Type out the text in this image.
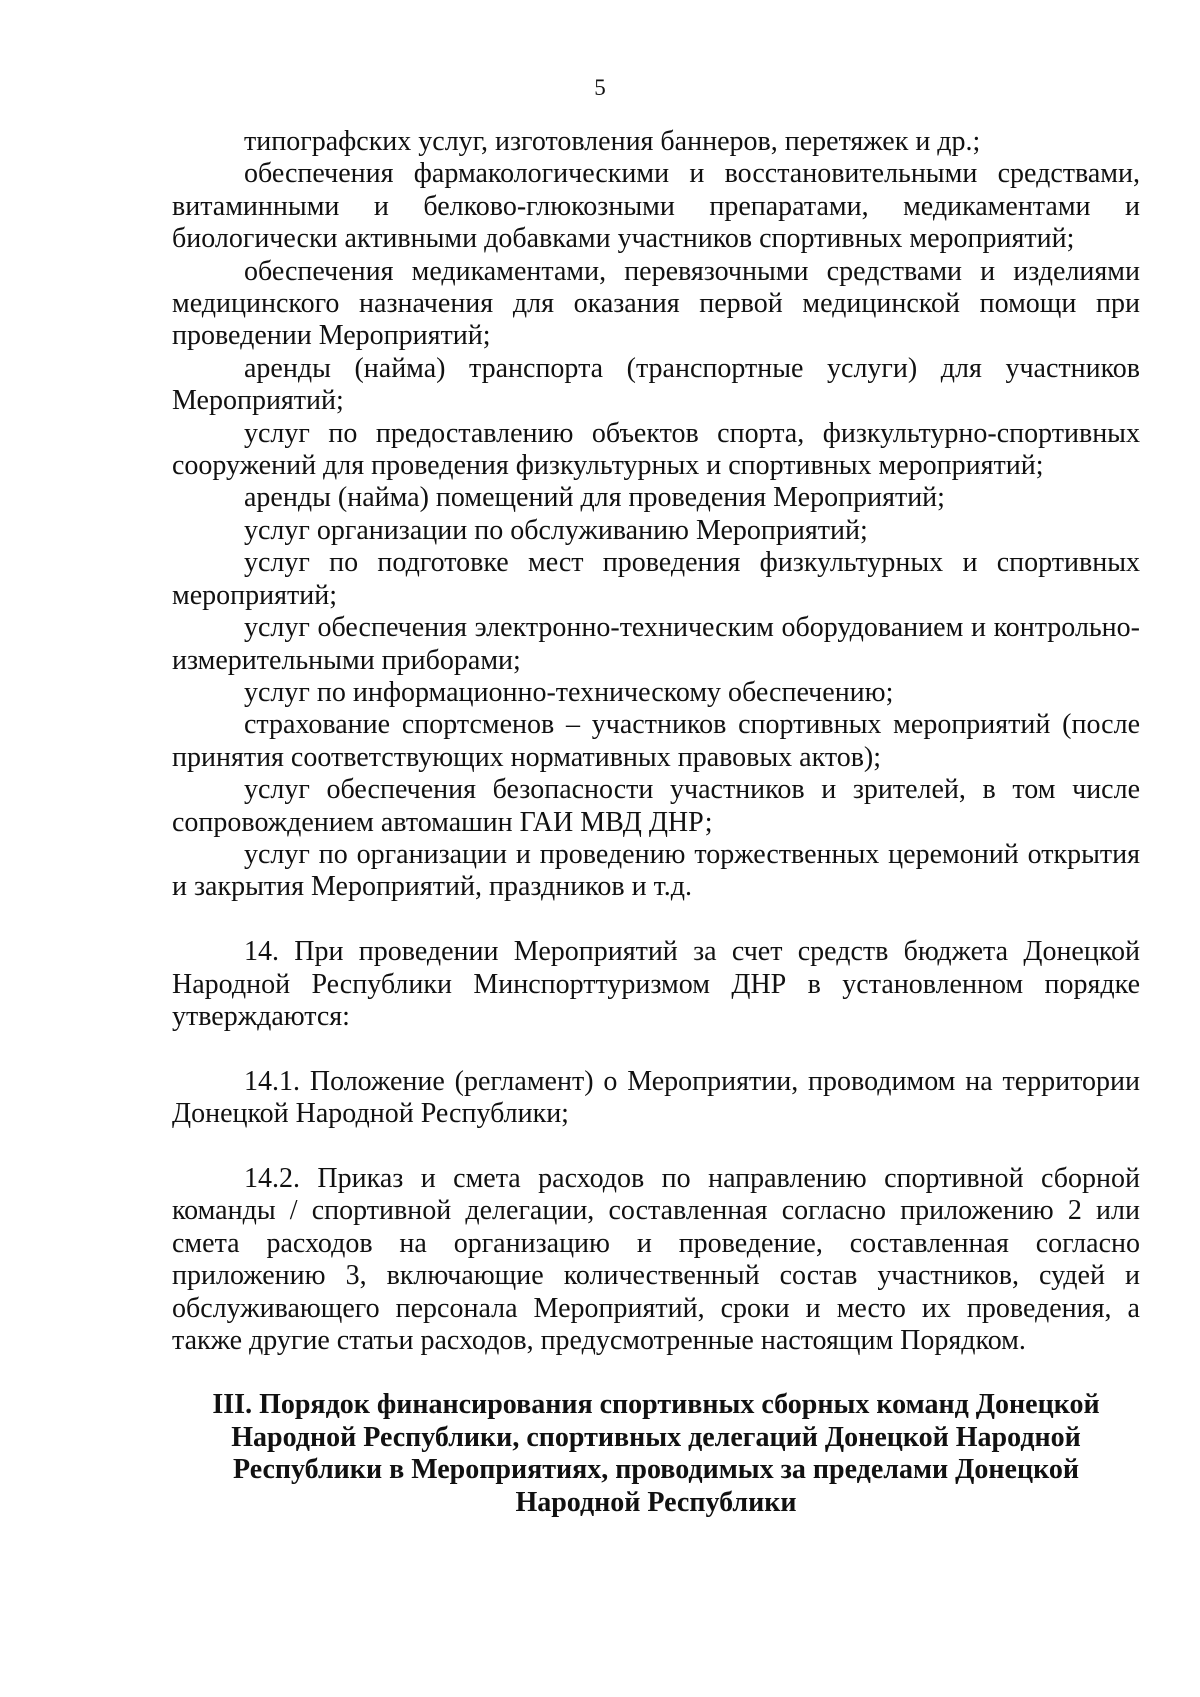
5

типографских услуг, изготовления баннеров, перетяжек и др.;

обеспечения фармакологическими и восстановительными средствами, витаминными и белково-глюкозными препаратами, медикаментами и биологически активными добавками участников спортивных мероприятий;

обеспечения медикаментами, перевязочными средствами и изделиями медицинского назначения для оказания первой медицинской помощи при проведении Мероприятий;

аренды (найма) транспорта (транспортные услуги) для участников Мероприятий;

услуг по предоставлению объектов спорта, физкультурно-спортивных сооружений для проведения физкультурных и спортивных мероприятий;

аренды (найма) помещений для проведения Мероприятий;

услуг организации по обслуживанию Мероприятий;

услуг по подготовке мест проведения физкультурных и спортивных мероприятий;

услуг обеспечения электронно-техническим оборудованием и контрольно-измерительными приборами;

услуг по информационно-техническому обеспечению;

страхование спортсменов – участников спортивных мероприятий (после принятия соответствующих нормативных правовых актов);

услуг обеспечения безопасности участников и зрителей, в том числе сопровождением автомашин ГАИ МВД ДНР;

услуг по организации и проведению торжественных церемоний открытия и закрытия Мероприятий, праздников и т.д.

14. При проведении Мероприятий за счет средств бюджета Донецкой Народной Республики Минспорттуризмом ДНР в установленном порядке утверждаются:

14.1. Положение (регламент) о Мероприятии, проводимом на территории Донецкой Народной Республики;

14.2. Приказ и смета расходов по направлению спортивной сборной команды / спортивной делегации, составленная согласно приложению 2 или смета расходов на организацию и проведение, составленная согласно приложению 3, включающие количественный состав участников, судей и обслуживающего персонала Мероприятий, сроки и место их проведения, а также другие статьи расходов, предусмотренные настоящим Порядком.

III. Порядок финансирования спортивных сборных команд Донецкой Народной Республики, спортивных делегаций Донецкой Народной Республики в Мероприятиях, проводимых за пределами Донецкой Народной Республики
